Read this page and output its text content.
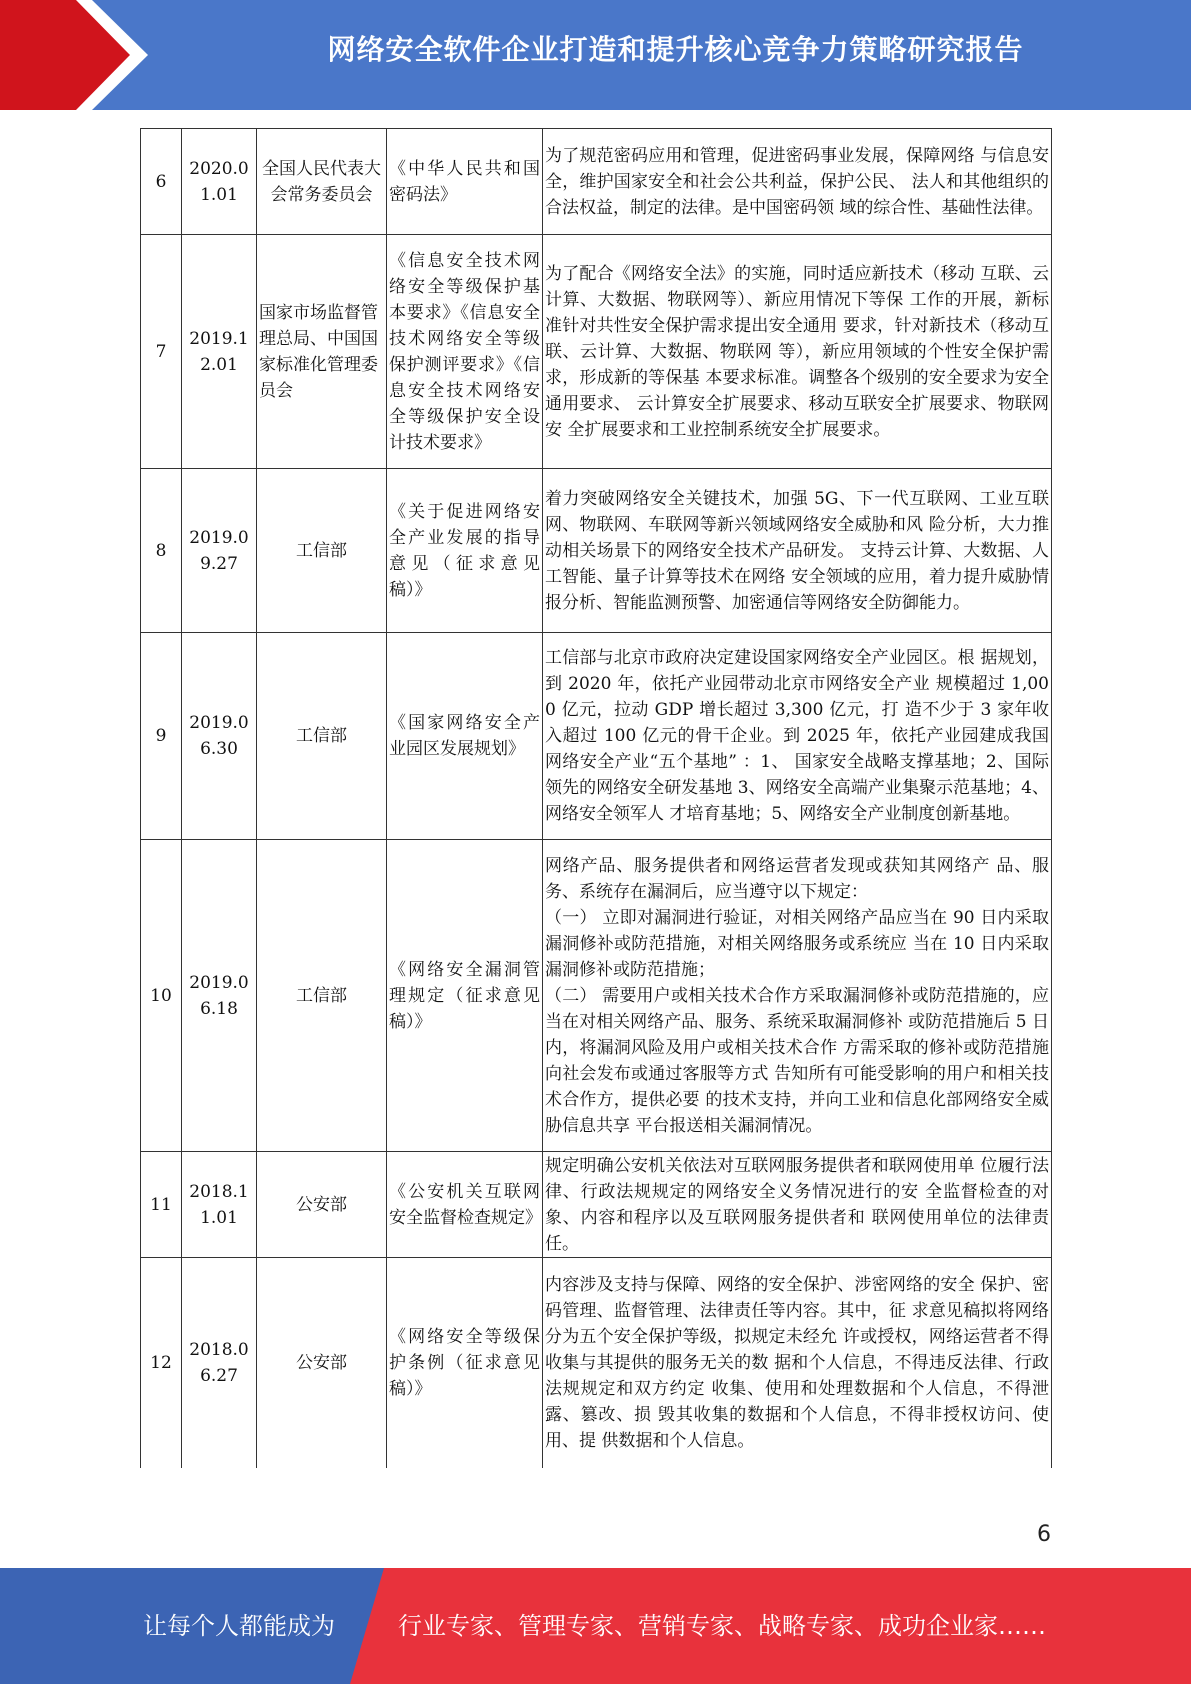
网络安全软件企业打造和提升核心竞争力策略研究报告
6	2020.01.01	全国人民代表大会常务委员会	《中华人民共和国密码法》	为了规范密码应用和管理，促进密码事业发展，保障网络 与信息安全，维护国家安全和社会公共利益，保护公民、 法人和其他组织的合法权益，制定的法律。是中国密码领 域的综合性、基础性法律。
7	2019.12.01	国家市场监督管理总局、中国国家标准化管理委员会	《信息安全技术网络安全等级保护基本要求》《信息安全技术网络安全等级保护测评要求》《信息安全技术网络安全等级保护安全设计技术要求》	为了配合《网络安全法》的实施，同时适应新技术（移动 互联、云计算、大数据、物联网等）、新应用情况下等保 工作的开展，新标准针对共性安全保护需求提出安全通用 要求，针对新技术（移动互联、云计算、大数据、物联网 等），新应用领域的个性安全保护需求，形成新的等保基 本要求标准。调整各个级别的安全要求为安全通用要求、 云计算安全扩展要求、移动互联安全扩展要求、物联网安 全扩展要求和工业控制系统安全扩展要求。
8	2019.09.27	工信部	《关于促进网络安全产业发展的指导意见（征求意见稿）》	着力突破网络安全关键技术，加强 5G、下一代互联网、工业互联网、物联网、车联网等新兴领域网络安全威胁和风 险分析，大力推动相关场景下的网络安全技术产品研发。 支持云计算、大数据、人工智能、量子计算等技术在网络 安全领域的应用，着力提升威胁情报分析、智能监测预警、加密通信等网络安全防御能力。
9	2019.06.30	工信部	《国家网络安全产业园区发展规划》	工信部与北京市政府决定建设国家网络安全产业园区。根 据规划，到 2020 年，依托产业园带动北京市网络安全产业 规模超过 1,000 亿元，拉动 GDP 增长超过 3,300 亿元，打 造不少于 3 家年收入超过 100 亿元的骨干企业。到 2025 年，依托产业园建成我国网络安全产业“五个基地” ：1、 国家安全战略支撑基地；2、国际领先的网络安全研发基地 3、网络安全高端产业集聚示范基地；4、网络安全领军人 才培育基地；5、网络安全产业制度创新基地。
10	2019.06.18	工信部	《网络安全漏洞管理规定（征求意见稿）》	网络产品、服务提供者和网络运营者发现或获知其网络产 品、服务、系统存在漏洞后，应当遵守以下规定：
（一） 立即对漏洞进行验证，对相关网络产品应当在 90 日内采取漏洞修补或防范措施，对相关网络服务或系统应 当在 10 日内采取漏洞修补或防范措施；
（二） 需要用户或相关技术合作方采取漏洞修补或防范措施的，应当在对相关网络产品、服务、系统采取漏洞修补 或防范措施后 5 日内，将漏洞风险及用户或相关技术合作 方需采取的修补或防范措施向社会发布或通过客服等方式 告知所有可能受影响的用户和相关技术合作方，提供必要 的技术支持，并向工业和信息化部网络安全威胁信息共享 平台报送相关漏洞情况。

11	2018.11.01	公安部	《公安机关互联网安全监督检查规定》	规定明确公安机关依法对互联网服务提供者和联网使用单 位履行法律、行政法规规定的网络安全义务情况进行的安 全监督检查的对象、内容和程序以及互联网服务提供者和 联网使用单位的法律责任。
12	2018.06.27	公安部	《网络安全等级保护条例（征求意见稿）》	内容涉及支持与保障、网络的安全保护、涉密网络的安全 保护、密码管理、监督管理、法律责任等内容。其中，征 求意见稿拟将网络分为五个安全保护等级，拟规定未经允 许或授权，网络运营者不得收集与其提供的服务无关的数 据和个人信息，不得违反法律、行政法规规定和双方约定 收集、使用和处理数据和个人信息，不得泄露、篡改、损 毁其收集的数据和个人信息，不得非授权访问、使用、提 供数据和个人信息。
6
让每个人都能成为	行业专家、管理专家、营销专家、战略专家、成功企业家……
